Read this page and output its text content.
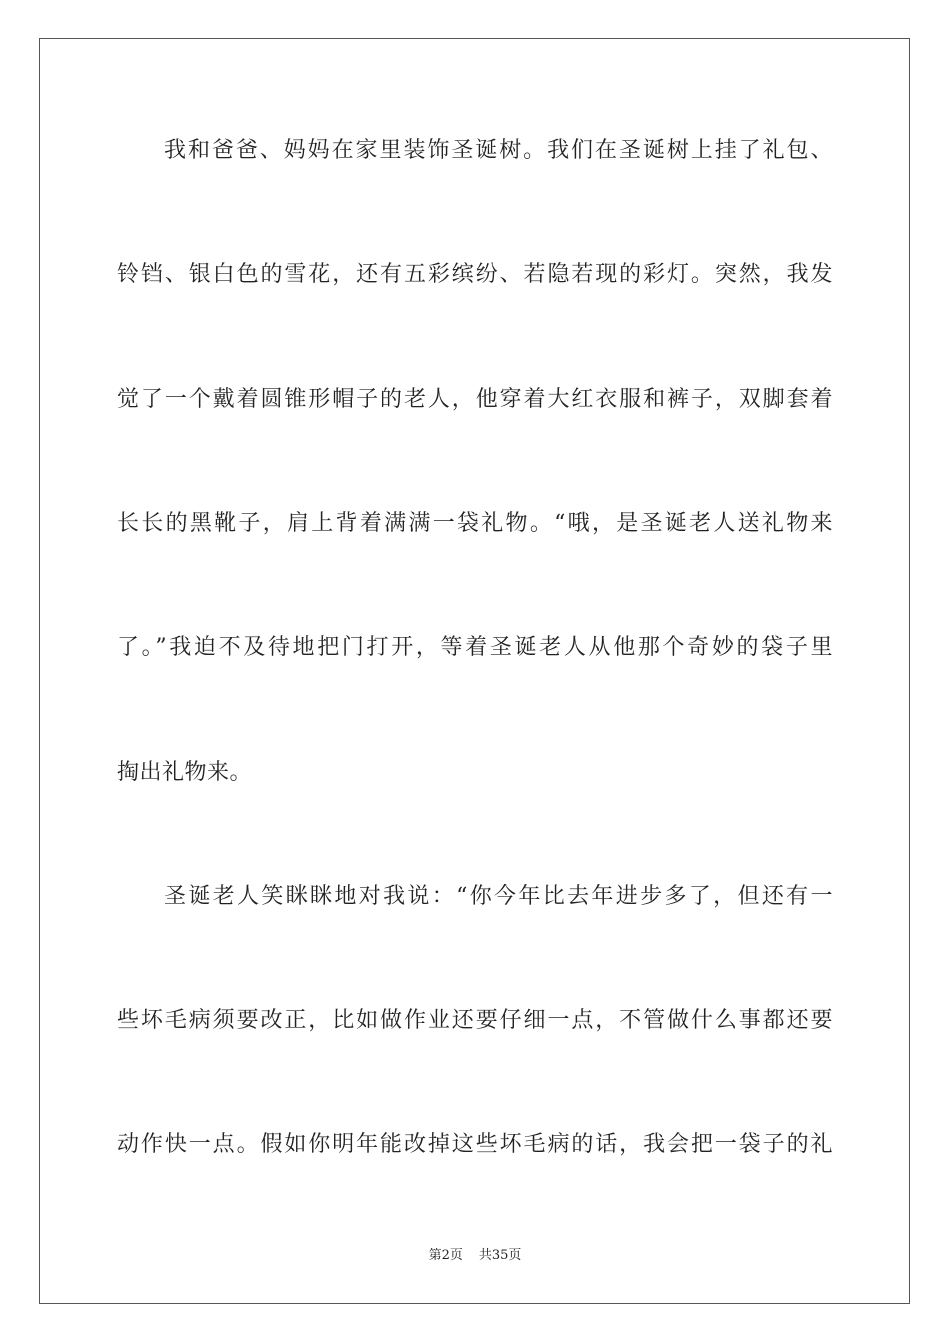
我和爸爸、妈妈在家里装饰圣诞树。我们在圣诞树上挂了礼包、
铃铛、银白色的雪花，还有五彩缤纷、若隐若现的彩灯。突然，我发
觉了一个戴着圆锥形帽子的老人，他穿着大红衣服和裤子，双脚套着
长长的黑靴子，肩上背着满满一袋礼物。“哦，是圣诞老人送礼物来
了。”我迫不及待地把门打开，等着圣诞老人从他那个奇妙的袋子里
掏出礼物来。
圣诞老人笑眯眯地对我说：“你今年比去年进步多了，但还有一
些坏毛病须要改正，比如做作业还要仔细一点，不管做什么事都还要
动作快一点。假如你明年能改掉这些坏毛病的话，我会把一袋子的礼
第2页 共35页
